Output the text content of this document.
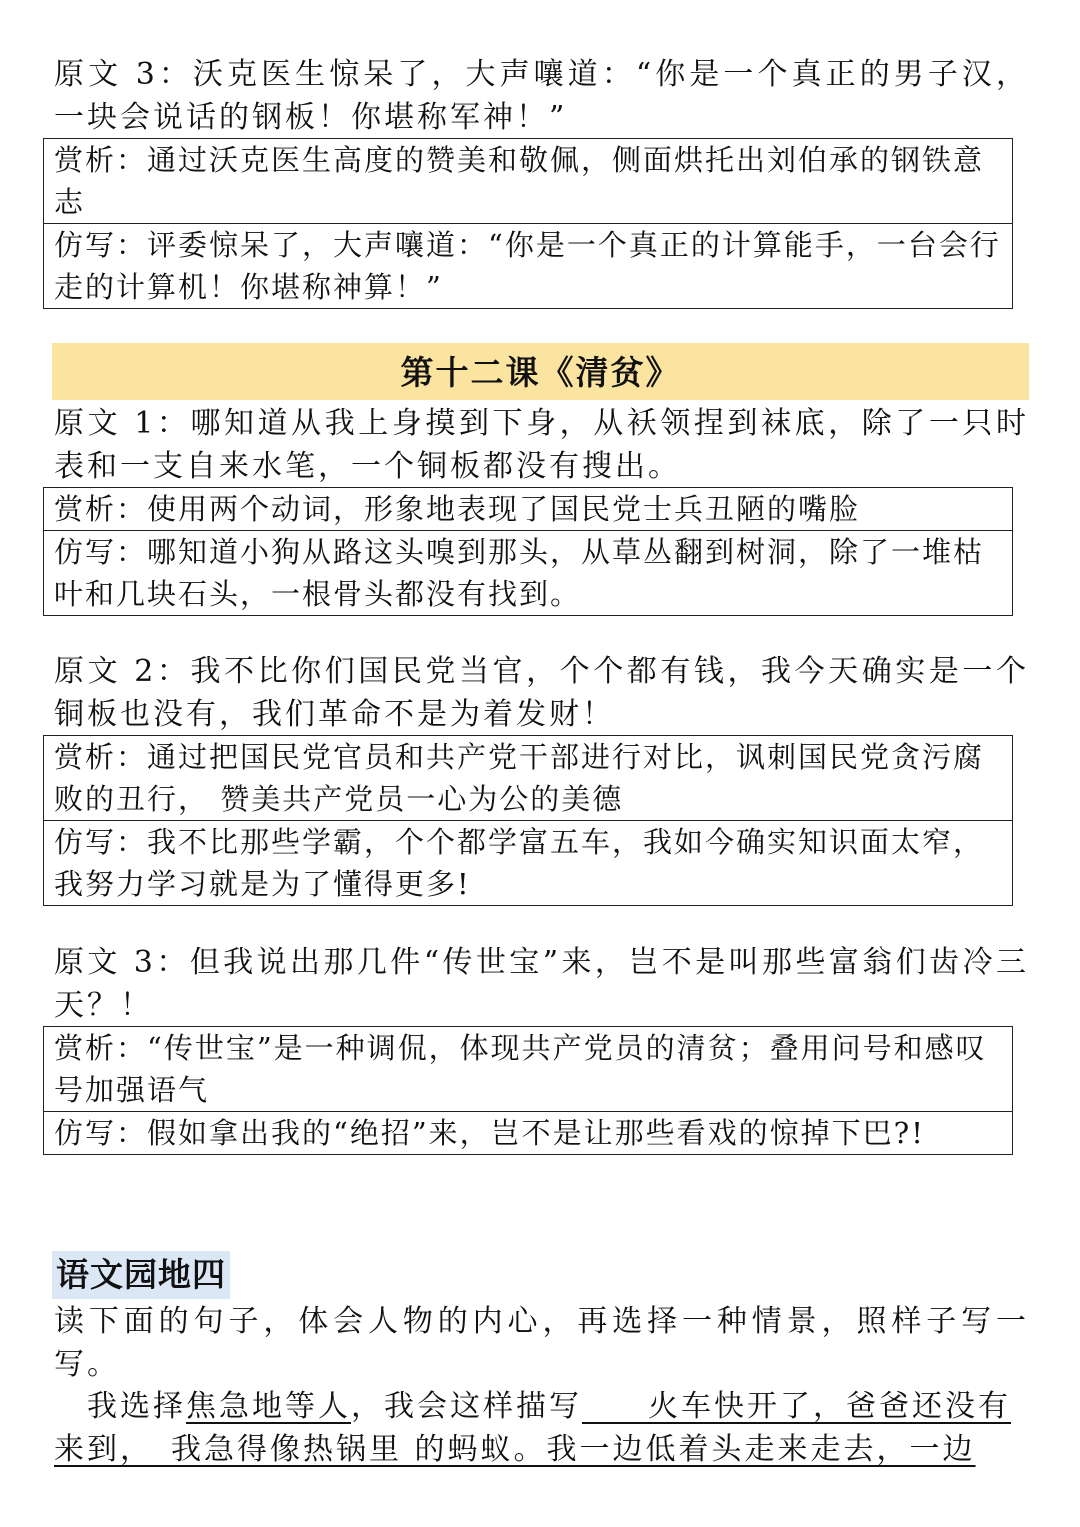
原文 3：沃克医生惊呆了，大声嚷道：“你是一个真正的男子汉，一块会说话的钢板！你堪称军神！”
赏析：通过沃克医生高度的赞美和敬佩，侧面烘托出刘伯承的钢铁意志
仿写：评委惊呆了，大声嚷道：“你是一个真正的计算能手，一台会行走的计算机！你堪称神算！”
第十二课《清贫》
原文 1：哪知道从我上身摸到下身，从袄领捏到袜底，除了一只时表和一支自来水笔，一个铜板都没有搜出。
赏析：使用两个动词，形象地表现了国民党士兵丑陋的嘴脸
仿写：哪知道小狗从路这头嗅到那头，从草丛翻到树洞，除了一堆枯叶和几块石头，一根骨头都没有找到。
原文 2：我不比你们国民党当官，个个都有钱，我今天确实是一个铜板也没有，我们革命不是为着发财！
赏析：通过把国民党官员和共产党干部进行对比，讽刺国民党贪污腐败的丑行， 赞美共产党员一心为公的美德
仿写：我不比那些学霸，个个都学富五车，我如今确实知识面太窄，我努力学习就是为了懂得更多!
原文 3：但我说出那几件“传世宝”来，岂不是叫那些富翁们齿冷三天？！
赏析：“传世宝”是一种调侃，体现共产党员的清贫；叠用问号和感叹号加强语气
仿写：假如拿出我的“绝招”来，岂不是让那些看戏的惊掉下巴?!
语文园地四
读下面的句子，体会人物的内心，再选择一种情景，照样子写一写。
 我选择焦急地等人，我会这样描写　　火车快开了，爸爸还没有
来到，　我急得像热锅里 的蚂蚁。我一边低着头走来走去，一边
